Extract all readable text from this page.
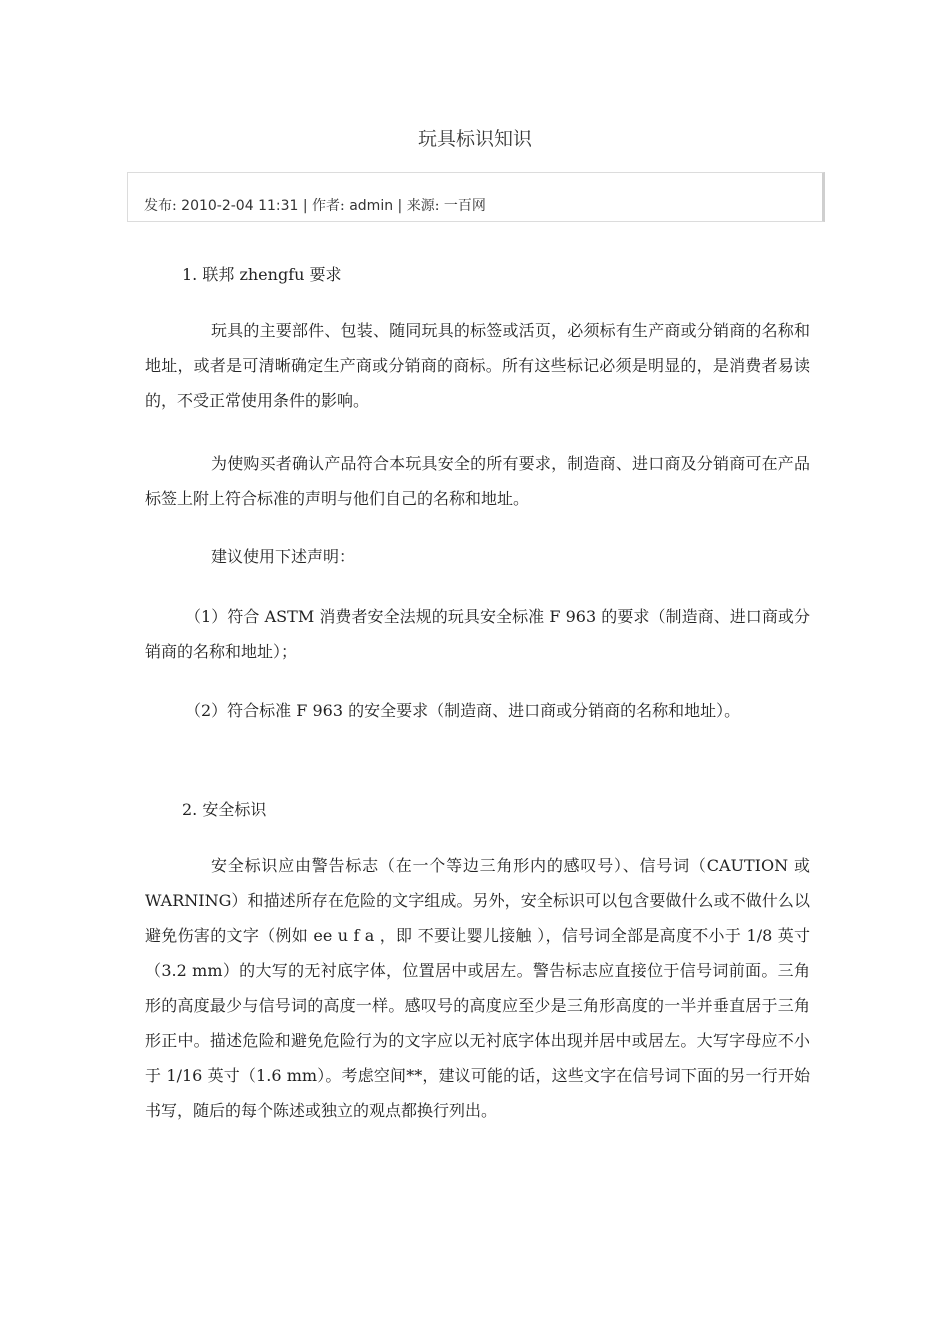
玩具标识知识
发布: 2010-2-04 11:31 | 作者: admin | 来源: 一百网
1. 联邦 zhengfu 要求
玩具的主要部件、包装、随同玩具的标签或活页，必须标有生产商或分销商的名称和地址，或者是可清晰确定生产商或分销商的商标。所有这些标记必须是明显的，是消费者易读的，不受正常使用条件的影响。
为使购买者确认产品符合本玩具安全的所有要求，制造商、进口商及分销商可在产品标签上附上符合标准的声明与他们自己的名称和地址。
建议使用下述声明：
（1）符合 ASTM 消费者安全法规的玩具安全标准 F 963 的要求（制造商、进口商或分销商的名称和地址）；
（2）符合标准 F 963 的安全要求（制造商、进口商或分销商的名称和地址）。
2. 安全标识
安全标识应由警告标志（在一个等边三角形内的感叹号）、信号词（CAUTION 或 WARNING）和描述所存在危险的文字组成。另外，安全标识可以包含要做什么或不做什么以避免伤害的文字（例如 ee u f a ，即 不要让婴儿接触 ），信号词全部是高度不小于 1/8 英寸（3.2 mm）的大写的无衬底字体，位置居中或居左。警告标志应直接位于信号词前面。三角形的高度最少与信号词的高度一样。感叹号的高度应至少是三角形高度的一半并垂直居于三角形正中。描述危险和避免危险行为的文字应以无衬底字体出现并居中或居左。大写字母应不小于 1/16 英寸（1.6 mm）。考虑空间**，建议可能的话，这些文字在信号词下面的另一行开始书写，随后的每个陈述或独立的观点都换行列出。
